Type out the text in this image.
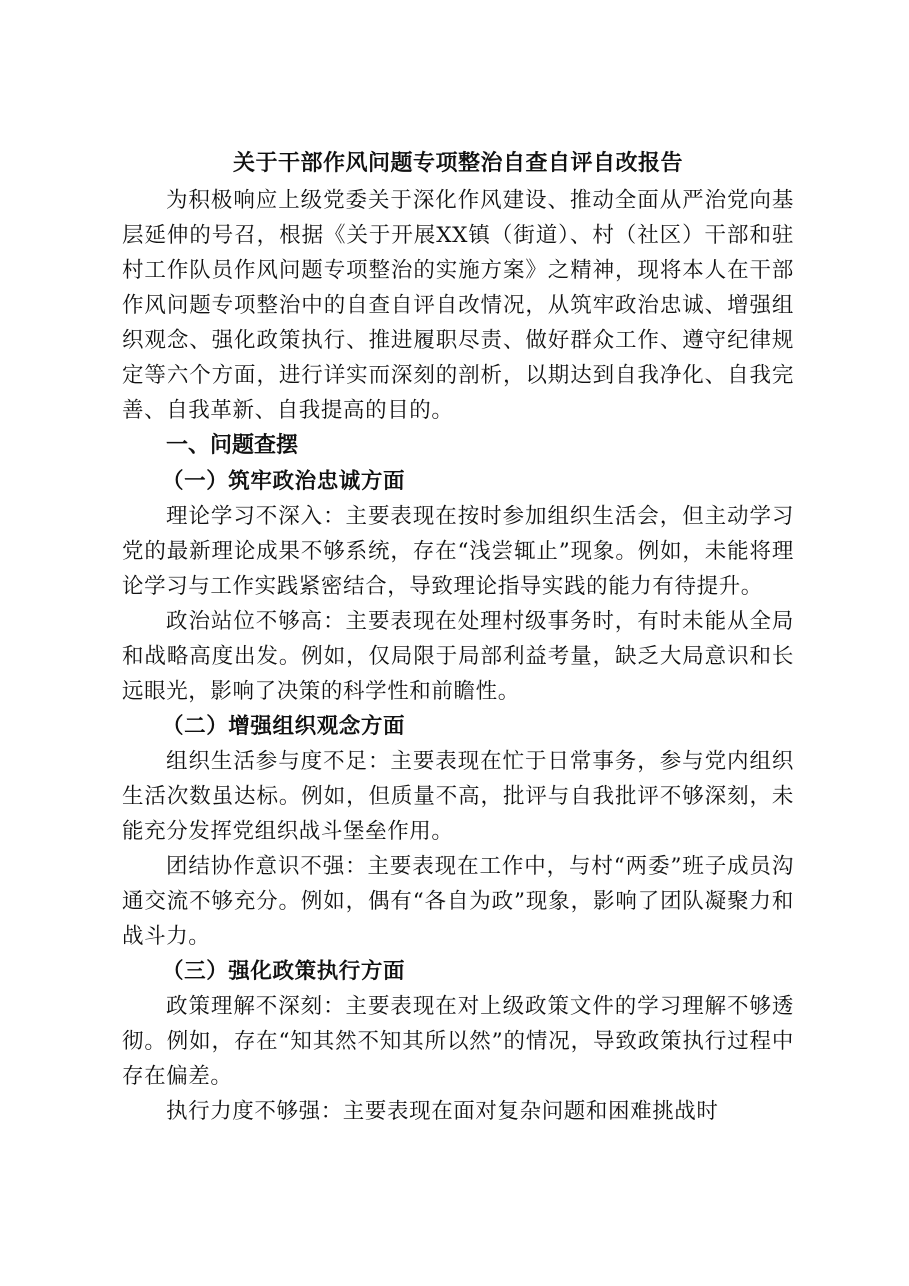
关于干部作风问题专项整治自查自评自改报告

为积极响应上级党委关于深化作风建设、推动全面从严治党向基层延伸的号召，根据《关于开展XX镇（街道）、村（社区）干部和驻村工作队员作风问题专项整治的实施方案》之精神，现将本人在干部作风问题专项整治中的自查自评自改情况，从筑牢政治忠诚、增强组织观念、强化政策执行、推进履职尽责、做好群众工作、遵守纪律规定等六个方面，进行详实而深刻的剖析，以期达到自我净化、自我完善、自我革新、自我提高的目的。

一、问题查摆
（一）筑牢政治忠诚方面

理论学习不深入：主要表现在按时参加组织生活会，但主动学习党的最新理论成果不够系统，存在“浅尝辄止”现象。例如，未能将理论学习与工作实践紧密结合，导致理论指导实践的能力有待提升。

政治站位不够高：主要表现在处理村级事务时，有时未能从全局和战略高度出发。例如，仅局限于局部利益考量，缺乏大局意识和长远眼光，影响了决策的科学性和前瞻性。

（二）增强组织观念方面

组织生活参与度不足：主要表现在忙于日常事务，参与党内组织生活次数虽达标。例如，但质量不高，批评与自我批评不够深刻，未能充分发挥党组织战斗堡垒作用。

团结协作意识不强：主要表现在工作中，与村“两委”班子成员沟通交流不够充分。例如，偶有“各自为政”现象，影响了团队凝聚力和战斗力。

（三）强化政策执行方面

政策理解不深刻：主要表现在对上级政策文件的学习理解不够透彻。例如，存在“知其然不知其所以然”的情况，导致政策执行过程中存在偏差。

执行力度不够强：主要表现在面对复杂问题和困难挑战时
